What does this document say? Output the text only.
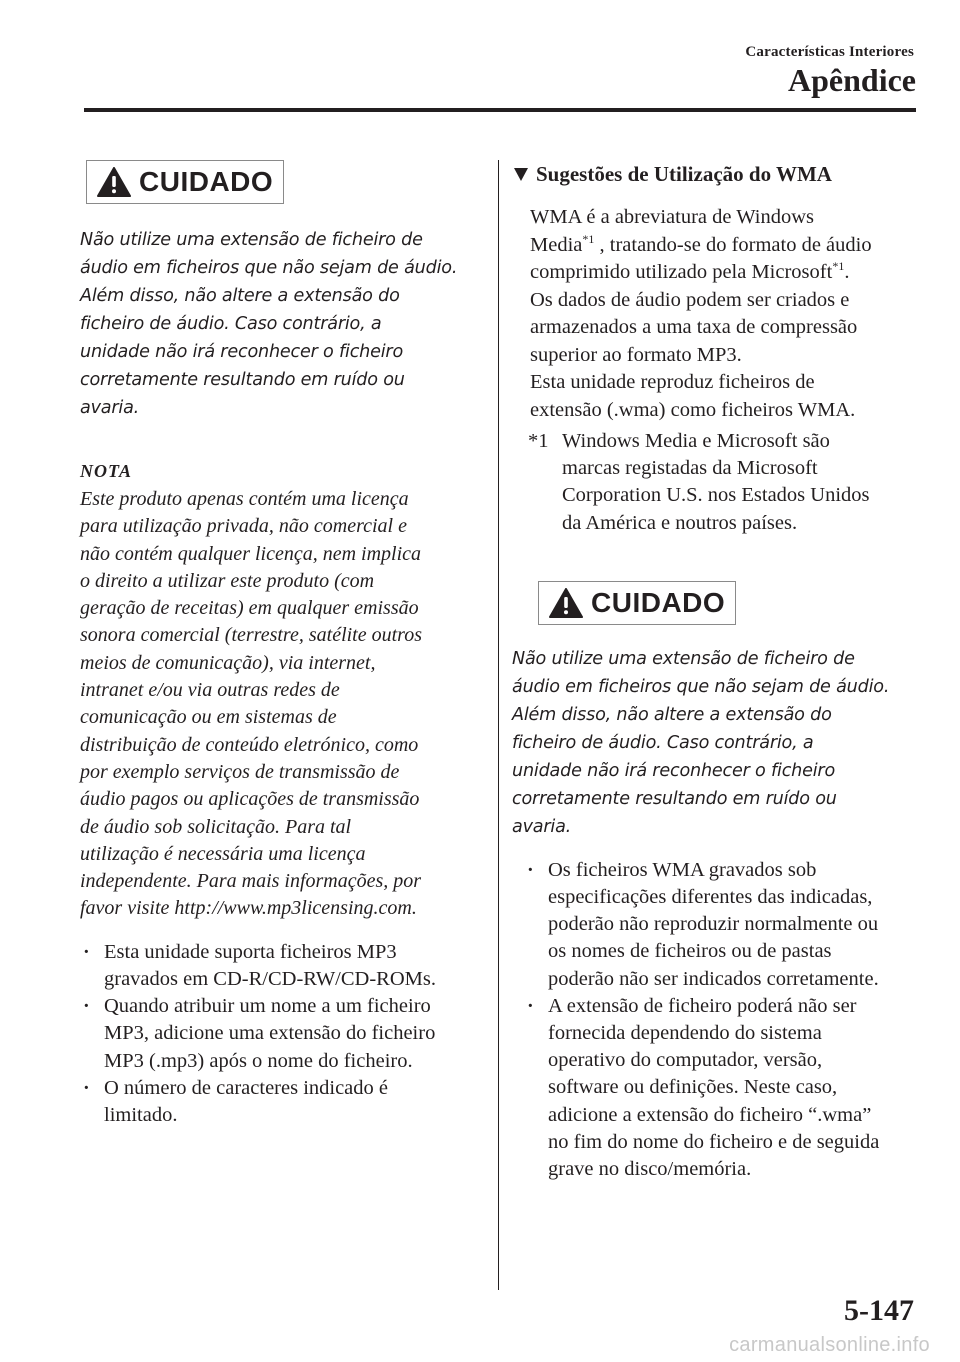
Características Interiores
Apêndice
CUIDADO
Não utilize uma extensão de ficheiro de
áudio em ficheiros que não sejam de áudio.
Além disso, não altere a extensão do
ficheiro de áudio. Caso contrário, a
unidade não irá reconhecer o ficheiro
corretamente resultando em ruído ou
avaria.
NOTA
Este produto apenas contém uma licença
para utilização privada, não comercial e
não contém qualquer licença, nem implica
o direito a utilizar este produto (com
geração de receitas) em qualquer emissão
sonora comercial (terrestre, satélite outros
meios de comunicação), via internet,
intranet e/ou via outras redes de
comunicação ou em sistemas de
distribuição de conteúdo eletrónico, como
por exemplo serviços de transmissão de
áudio pagos ou aplicações de transmissão
de áudio sob solicitação. Para tal
utilização é necessária uma licença
independente. Para mais informações, por
favor visite http://www.mp3licensing.com.
· Esta unidade suporta ficheiros MP3
gravados em CD-R/CD-RW/CD-ROMs.
· Quando atribuir um nome a um ficheiro
MP3, adicione uma extensão do ficheiro
MP3 (.mp3) após o nome do ficheiro.
· O número de caracteres indicado é
limitado.
Sugestões de Utilização do WMA
WMA é a abreviatura de Windows
Media$^{*1}$ , tratando-se do formato de áudio
comprimido utilizado pela Microsoft$^{*1}$.
Os dados de áudio podem ser criados e
armazenados a uma taxa de compressão
superior ao formato MP3.
Esta unidade reproduz ficheiros de
extensão (.wma) como ficheiros WMA.
*1 Windows Media e Microsoft são
marcas registadas da Microsoft
Corporation U.S. nos Estados Unidos
da América e noutros países.
CUIDADO
Não utilize uma extensão de ficheiro de
áudio em ficheiros que não sejam de áudio.
Além disso, não altere a extensão do
ficheiro de áudio. Caso contrário, a
unidade não irá reconhecer o ficheiro
corretamente resultando em ruído ou
avaria.
· Os ficheiros WMA gravados sob
especificações diferentes das indicadas,
poderão não reproduzir normalmente ou
os nomes de ficheiros ou de pastas
poderão não ser indicados corretamente.
· A extensão de ficheiro poderá não ser
fornecida dependendo do sistema
operativo do computador, versão,
software ou definições. Neste caso,
adicione a extensão do ficheiro “.wma”
no fim do nome do ficheiro e de seguida
grave no disco/memória.
5-147
carmanualsonline.info
